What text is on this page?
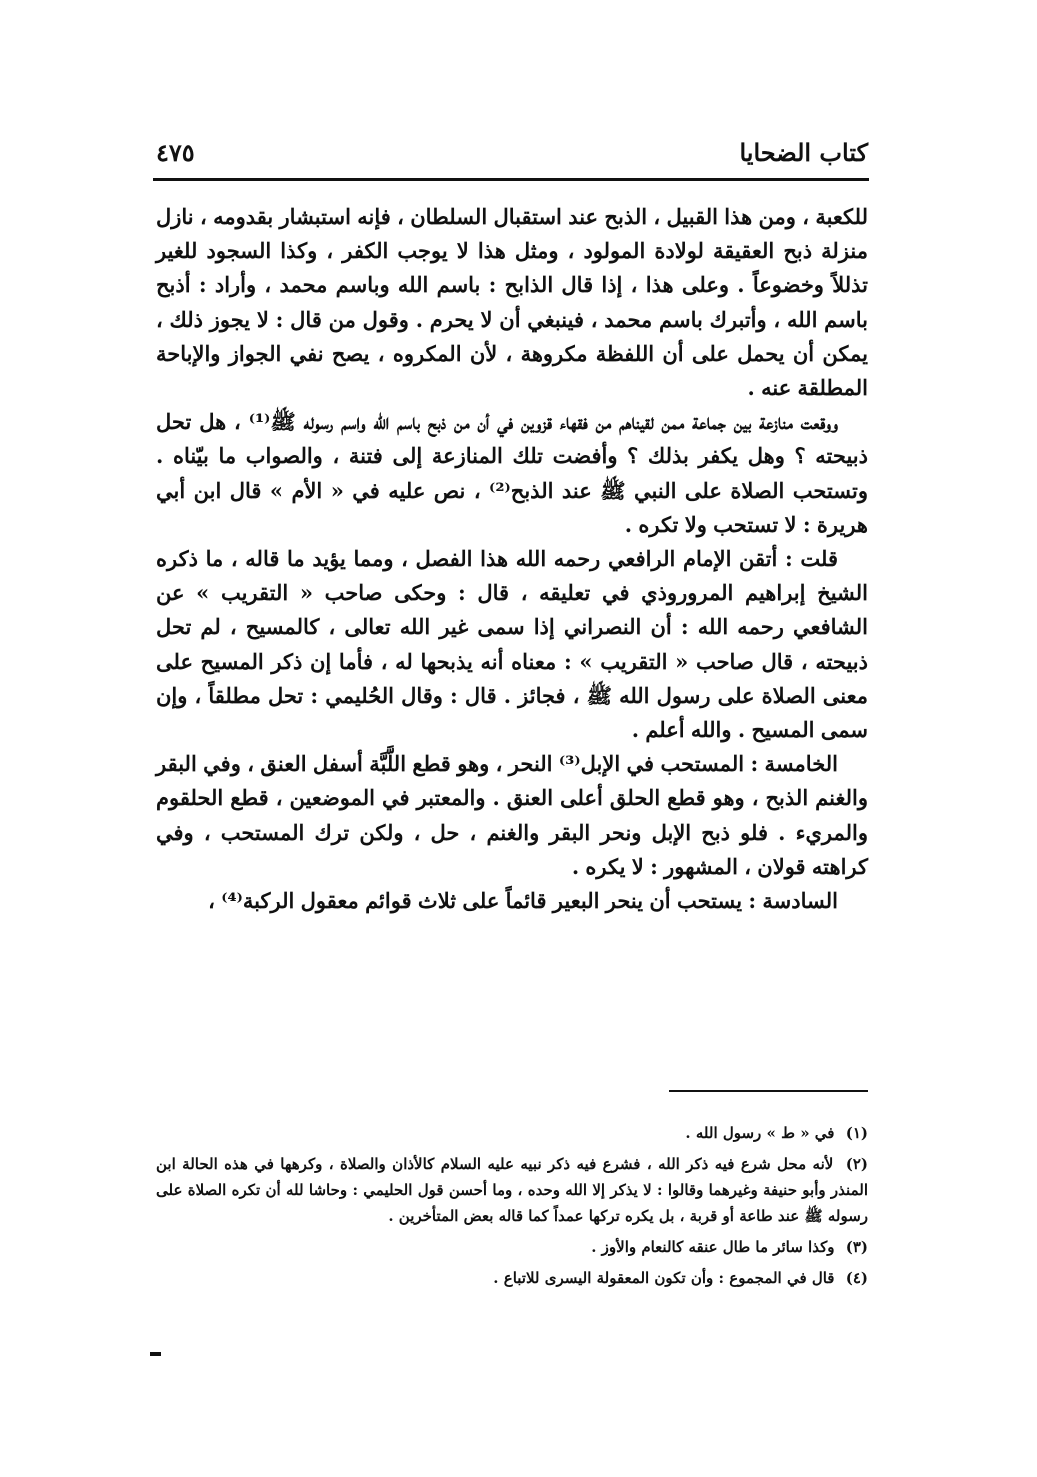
كتاب الضحايا
٤٧٥

للكعبة ، ومن هذا القبيل ، الذبح عند استقبال السلطان ، فإنه استبشار بقدومه ، نازل منزلة ذبح العقيقة لولادة المولود ، ومثل هذا لا يوجب الكفر ، وكذا السجود للغير تذللاً وخضوعاً . وعلى هذا ، إذا قال الذابح : باسم الله وباسم محمد ، وأراد : أذبح باسم الله ، وأتبرك باسم محمد ، فينبغي أن لا يحرم . وقول من قال : لا يجوز ذلك ، يمكن أن يحمل على أن اللفظة مكروهة ، لأن المكروه ، يصح نفي الجواز والإباحة المطلقة عنه .

ووقعت منازعة بين جماعة ممن لقيناهم من فقهاء قزوين في أن من ذبح باسم الله واسم رسوله ﷺ⁽¹⁾ ، هل تحل ذبيحته ؟ وهل يكفر بذلك ؟ وأفضت تلك المنازعة إلى فتنة ، والصواب ما بيّناه . وتستحب الصلاة على النبي ﷺ عند الذبح⁽²⁾ ، نص عليه في « الأم » قال ابن أبي هريرة : لا تستحب ولا تكره .

قلت : أتقن الإمام الرافعي رحمه الله هذا الفصل ، ومما يؤيد ما قاله ، ما ذكره الشيخ إبراهيم المروروذي في تعليقه ، قال : وحكى صاحب « التقريب » عن الشافعي رحمه الله : أن النصراني إذا سمى غير الله تعالى ، كالمسيح ، لم تحل ذبيحته ، قال صاحب « التقريب » : معناه أنه يذبحها له ، فأما إن ذكر المسيح على معنى الصلاة على رسول الله ﷺ ، فجائز . قال : وقال الحُليمي : تحل مطلقاً ، وإن سمى المسيح . والله أعلم .

الخامسة : المستحب في الإبل⁽³⁾ النحر ، وهو قطع اللَّبَّة أسفل العنق ، وفي البقر والغنم الذبح ، وهو قطع الحلق أعلى العنق . والمعتبر في الموضعين ، قطع الحلقوم والمريء . فلو ذبح الإبل ونحر البقر والغنم ، حل ، ولكن ترك المستحب ، وفي كراهته قولان ، المشهور : لا يكره .

السادسة : يستحب أن ينحر البعير قائماً على ثلاث قوائم معقول الركبة⁽⁴⁾ ،

(١) في « ط » رسول الله .

(٢) لأنه محل شرع فيه ذكر الله ، فشرع فيه ذكر نبيه عليه السلام كالأذان والصلاة ، وكرهها في هذه الحالة ابن المنذر وأبو حنيفة وغيرهما وقالوا : لا يذكر إلا الله وحده ، وما أحسن قول الحليمي : وحاشا لله أن تكره الصلاة على رسوله ﷺ عند طاعة أو قربة ، بل يكره تركها عمداً كما قاله بعض المتأخرين .

(٣) وكذا سائر ما طال عنقه كالنعام والأوز .

(٤) قال في المجموع : وأن تكون المعقولة اليسرى للاتباع .
